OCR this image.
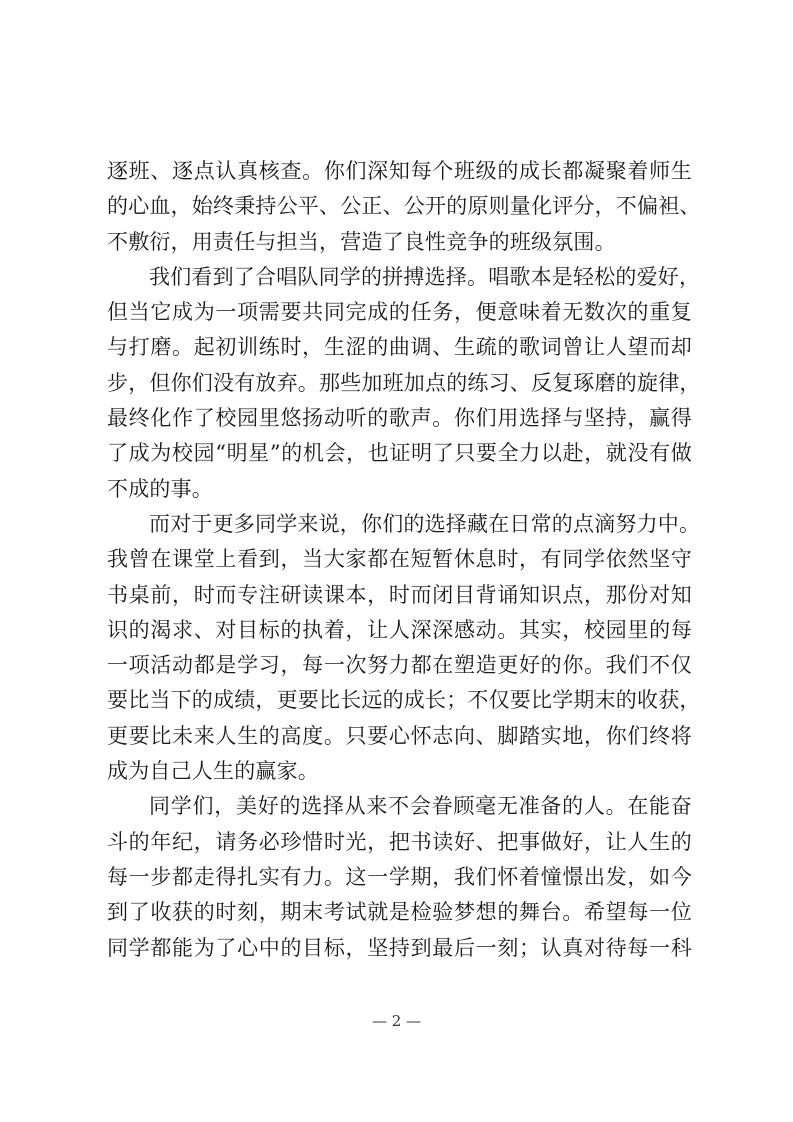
逐班、逐点认真核查。你们深知每个班级的成长都凝聚着师生
的心血，始终秉持公平、公正、公开的原则量化评分，不偏袒、
不敷衍，用责任与担当，营造了良性竞争的班级氛围。
我们看到了合唱队同学的拼搏选择。唱歌本是轻松的爱好，
但当它成为一项需要共同完成的任务，便意味着无数次的重复
与打磨。起初训练时，生涩的曲调、生疏的歌词曾让人望而却
步，但你们没有放弃。那些加班加点的练习、反复琢磨的旋律，
最终化作了校园里悠扬动听的歌声。你们用选择与坚持，赢得
了成为校园“明星”的机会，也证明了只要全力以赴，就没有做
不成的事。
而对于更多同学来说，你们的选择藏在日常的点滴努力中。
我曾在课堂上看到，当大家都在短暂休息时，有同学依然坚守
书桌前，时而专注研读课本，时而闭目背诵知识点，那份对知
识的渴求、对目标的执着，让人深深感动。其实，校园里的每
一项活动都是学习，每一次努力都在塑造更好的你。我们不仅
要比当下的成绩，更要比长远的成长；不仅要比学期末的收获，
更要比未来人生的高度。只要心怀志向、脚踏实地，你们终将
成为自己人生的赢家。
同学们，美好的选择从来不会眷顾毫无准备的人。在能奋
斗的年纪，请务必珍惜时光，把书读好、把事做好，让人生的
每一步都走得扎实有力。这一学期，我们怀着憧憬出发，如今
到了收获的时刻，期末考试就是检验梦想的舞台。希望每一位
同学都能为了心中的目标，坚持到最后一刻；认真对待每一科
— 2 —
